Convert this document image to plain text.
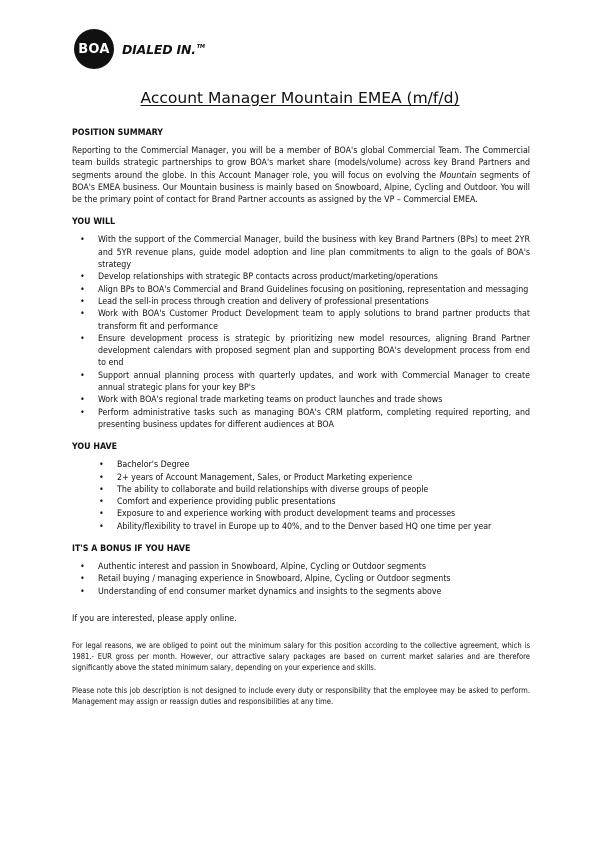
BOA DIALED IN.™
Account Manager Mountain EMEA (m/f/d)
POSITION SUMMARY

Reporting to the Commercial Manager, you will be a member of BOA's global Commercial Team. The Commercial team builds strategic partnerships to grow BOA's market share (models/volume) across key Brand Partners and segments around the globe. In this Account Manager role, you will focus on evolving the Mountain segments of BOA's EMEA business. Our Mountain business is mainly based on Snowboard, Alpine, Cycling and Outdoor. You will be the primary point of contact for Brand Partner accounts as assigned by the VP – Commercial EMEA.

YOU WILL
•	With the support of the Commercial Manager, build the business with key Brand Partners (BPs) to meet 2YR and 5YR revenue plans, guide model adoption and line plan commitments to align to the goals of BOA's strategy
•	Develop relationships with strategic BP contacts across product/marketing/operations
•	Align BPs to BOA's Commercial and Brand Guidelines focusing on positioning, representation and messaging
•	Lead the sell-in process through creation and delivery of professional presentations
•	Work with BOA's Customer Product Development team to apply solutions to brand partner products that transform fit and performance
•	Ensure development process is strategic by prioritizing new model resources, aligning Brand Partner development calendars with proposed segment plan and supporting BOA's development process from end to end
•	Support annual planning process with quarterly updates, and work with Commercial Manager to create annual strategic plans for your key BP's
•	Work with BOA's regional trade marketing teams on product launches and trade shows
•	Perform administrative tasks such as managing BOA's CRM platform, completing required reporting, and presenting business updates for different audiences at BOA
YOU HAVE
•	Bachelor's Degree
•	2+ years of Account Management, Sales, or Product Marketing experience
•	The ability to collaborate and build relationships with diverse groups of people
•	Comfort and experience providing public presentations
•	Exposure to and experience working with product development teams and processes
•	Ability/flexibility to travel in Europe up to 40%, and to the Denver based HQ one time per year
IT'S A BONUS IF YOU HAVE
•	Authentic interest and passion in Snowboard, Alpine, Cycling or Outdoor segments
•	Retail buying / managing experience in Snowboard, Alpine, Cycling or Outdoor segments
•	Understanding of end consumer market dynamics and insights to the segments above

If you are interested, please apply online.

For legal reasons, we are obliged to point out the minimum salary for this position according to the collective agreement, which is 1981.- EUR gross per month. However, our attractive salary packages are based on current market salaries and are therefore significantly above the stated minimum salary, depending on your experience and skills.

Please note this job description is not designed to include every duty or responsibility that the employee may be asked to perform. Management may assign or reassign duties and responsibilities at any time.
